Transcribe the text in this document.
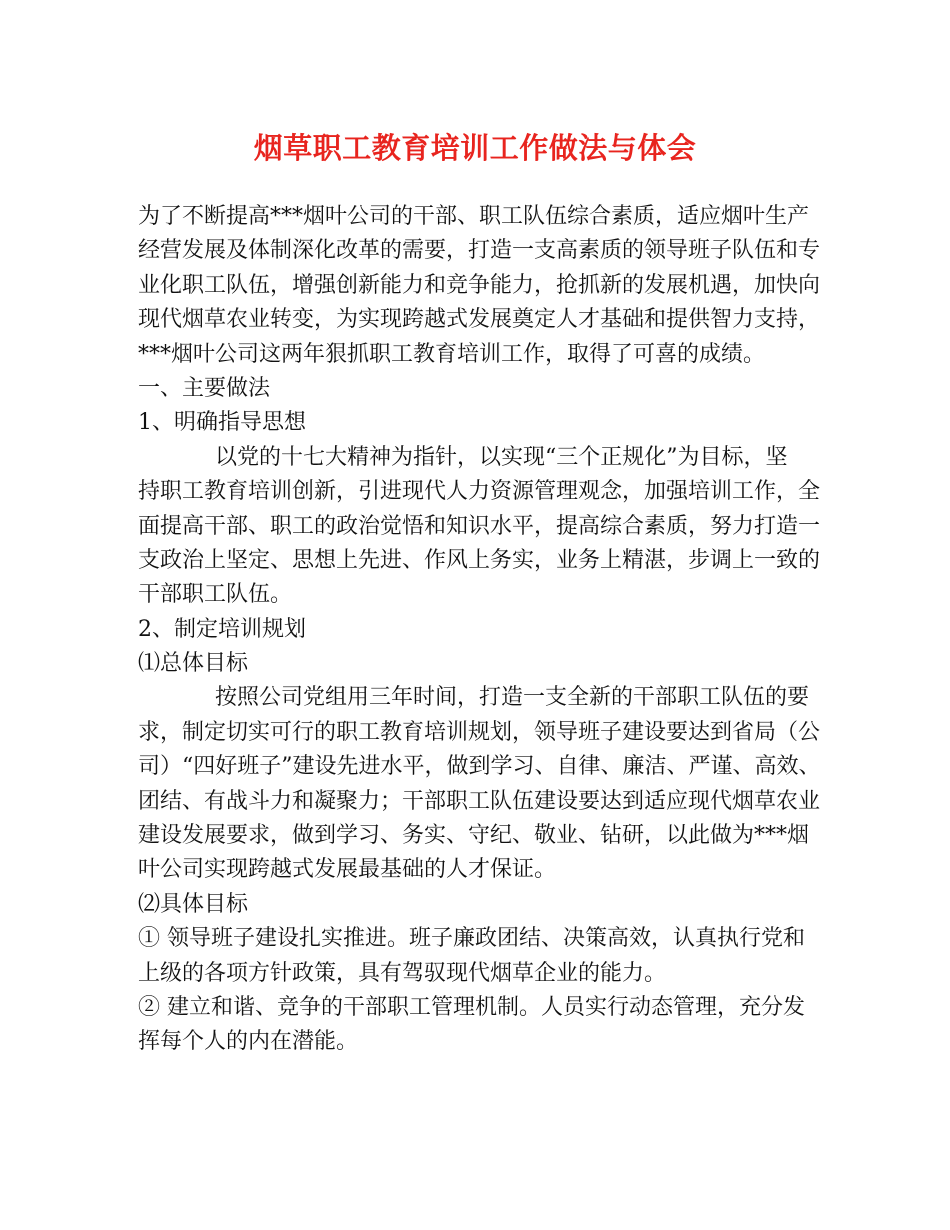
烟草职工教育培训工作做法与体会
为了不断提高***烟叶公司的干部、职工队伍综合素质，适应烟叶生产
经营发展及体制深化改革的需要，打造一支高素质的领导班子队伍和专
业化职工队伍，增强创新能力和竞争能力，抢抓新的发展机遇，加快向
现代烟草农业转变，为实现跨越式发展奠定人才基础和提供智力支持，
***烟叶公司这两年狠抓职工教育培训工作，取得了可喜的成绩。
一、主要做法
1、明确指导思想
以党的十七大精神为指针，以实现“三个正规化”为目标，坚
持职工教育培训创新，引进现代人力资源管理观念，加强培训工作，全
面提高干部、职工的政治觉悟和知识水平，提高综合素质，努力打造一
支政治上坚定、思想上先进、作风上务实，业务上精湛，步调上一致的
干部职工队伍。
2、制定培训规划
⑴总体目标
按照公司党组用三年时间，打造一支全新的干部职工队伍的要
求，制定切实可行的职工教育培训规划，领导班子建设要达到省局（公
司）“四好班子”建设先进水平，做到学习、自律、廉洁、严谨、高效、
团结、有战斗力和凝聚力；干部职工队伍建设要达到适应现代烟草农业
建设发展要求，做到学习、务实、守纪、敬业、钻研，以此做为***烟
叶公司实现跨越式发展最基础的人才保证。
⑵具体目标
① 领导班子建设扎实推进。班子廉政团结、决策高效，认真执行党和
上级的各项方针政策，具有驾驭现代烟草企业的能力。
② 建立和谐、竞争的干部职工管理机制。人员实行动态管理，充分发
挥每个人的内在潜能。
